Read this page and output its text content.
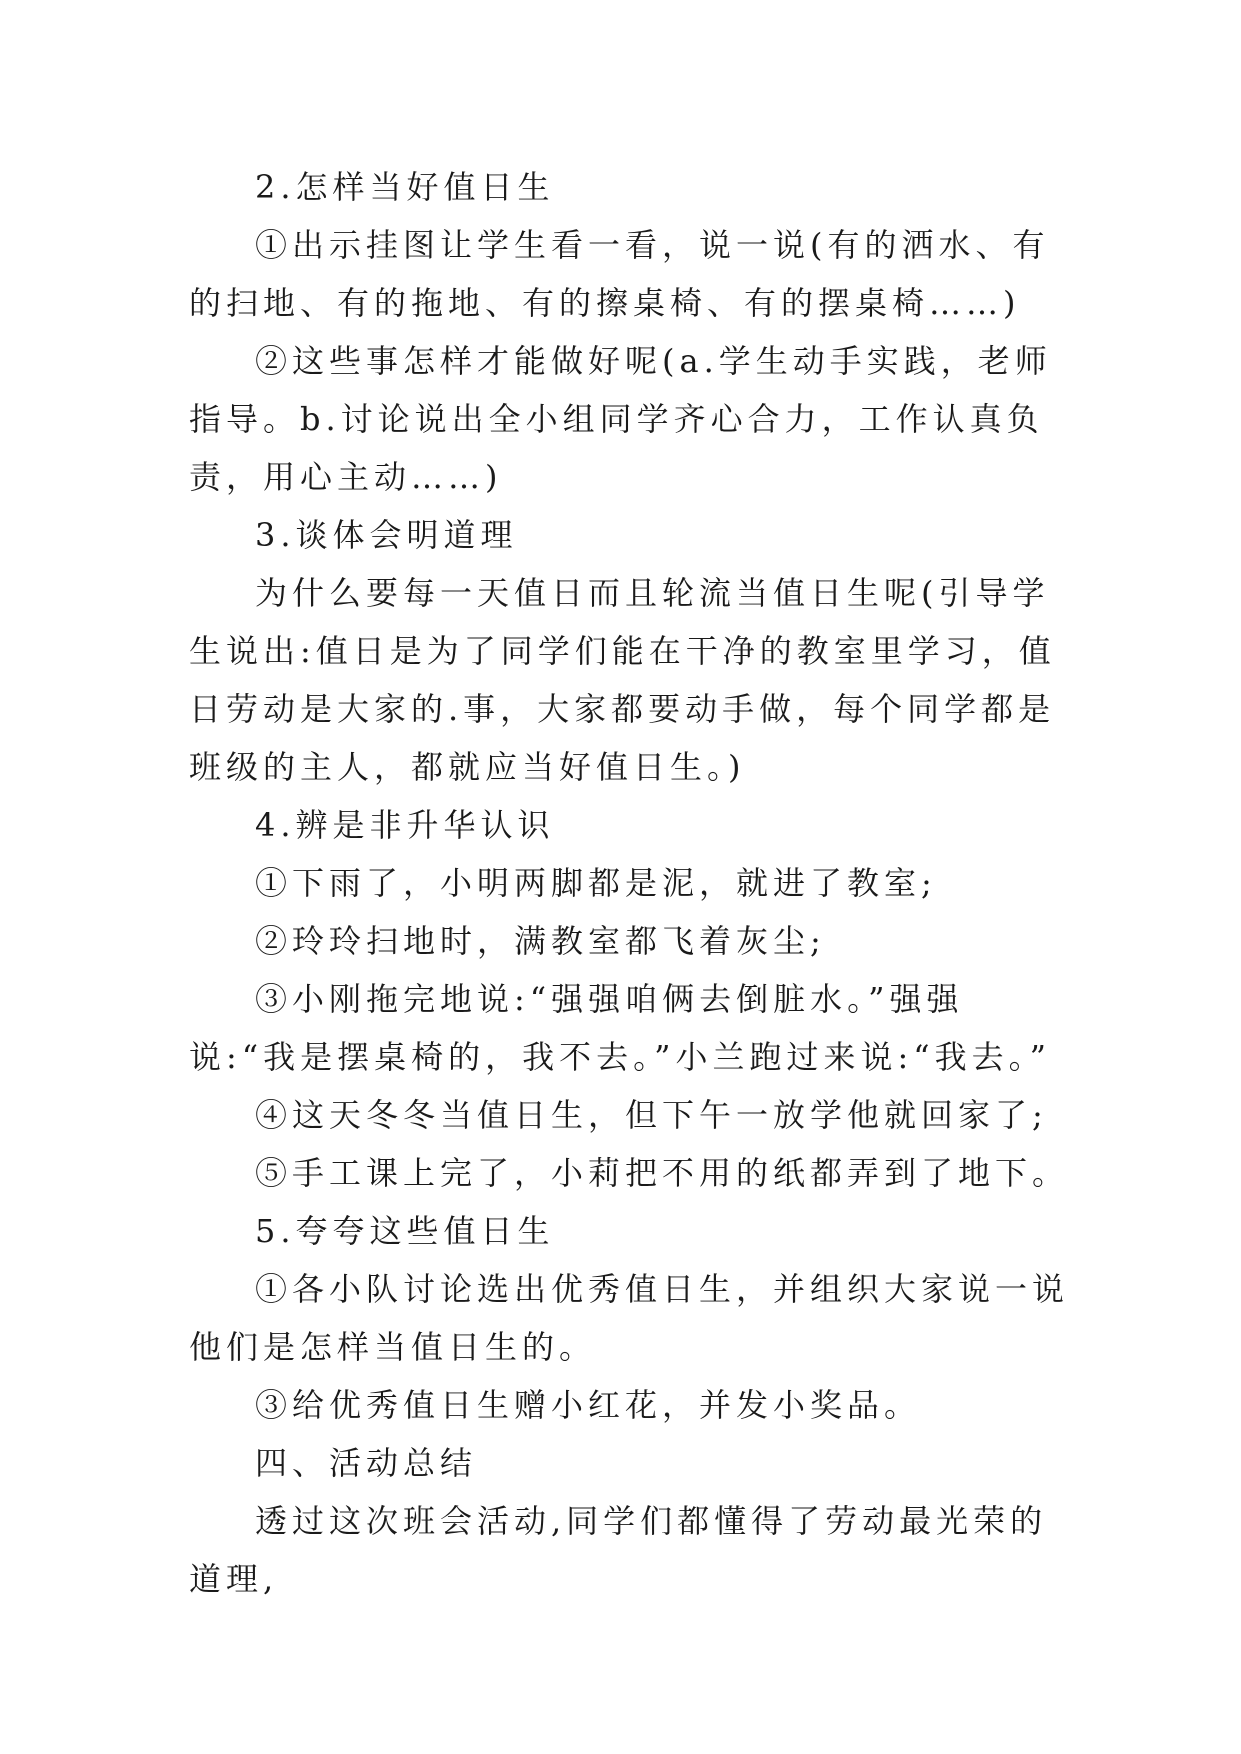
2.怎样当好值日生

①出示挂图让学生看一看，说一说(有的洒水、有的扫地、有的拖地、有的擦桌椅、有的摆桌椅……)

②这些事怎样才能做好呢(a.学生动手实践，老师指导。b.讨论说出全小组同学齐心合力，工作认真负责，用心主动……)

3.谈体会明道理

为什么要每一天值日而且轮流当值日生呢(引导学生说出:值日是为了同学们能在干净的教室里学习，值日劳动是大家的.事，大家都要动手做，每个同学都是班级的主人，都就应当好值日生。)

4.辨是非升华认识

①下雨了，小明两脚都是泥，就进了教室;

②玲玲扫地时，满教室都飞着灰尘;

③小刚拖完地说:“强强咱俩去倒脏水。”强强说:“我是摆桌椅的，我不去。”小兰跑过来说:“我去。”

④这天冬冬当值日生，但下午一放学他就回家了;

⑤手工课上完了，小莉把不用的纸都弄到了地下。

5.夸夸这些值日生

①各小队讨论选出优秀值日生，并组织大家说一说他们是怎样当值日生的。

③给优秀值日生赠小红花，并发小奖品。

四、活动总结

透过这次班会活动,同学们都懂得了劳动最光荣的道理,
